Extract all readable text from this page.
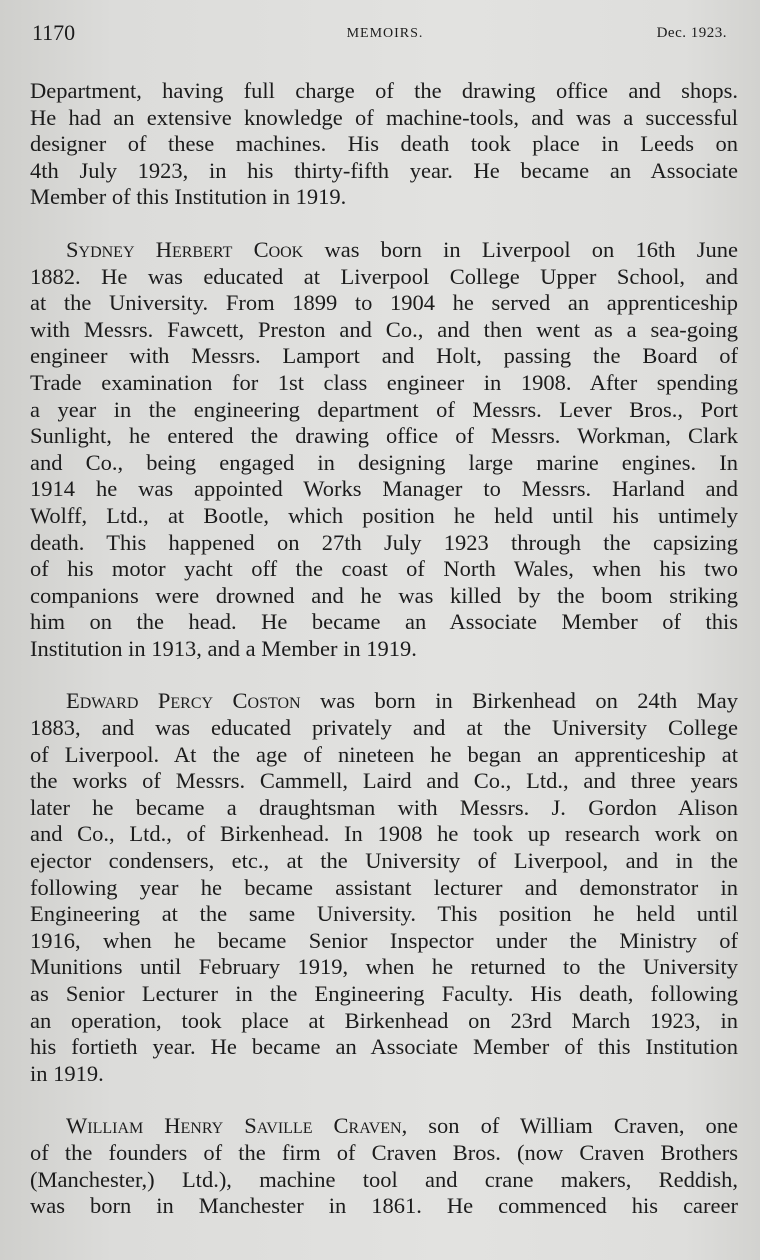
1170	MEMOIRS.	Dec. 1923.

Department, having full charge of the drawing office and shops.
He had an extensive knowledge of machine-tools, and was a successful
designer of these machines. His death took place in Leeds on
4th July 1923, in his thirty-fifth year. He became an Associate
Member of this Institution in 1919.

Sydney Herbert Cook was born in Liverpool on 16th June
1882. He was educated at Liverpool College Upper School, and
at the University. From 1899 to 1904 he served an apprenticeship
with Messrs. Fawcett, Preston and Co., and then went as a sea-going
engineer with Messrs. Lamport and Holt, passing the Board of
Trade examination for 1st class engineer in 1908. After spending
a year in the engineering department of Messrs. Lever Bros., Port
Sunlight, he entered the drawing office of Messrs. Workman, Clark
and Co., being engaged in designing large marine engines. In
1914 he was appointed Works Manager to Messrs. Harland and
Wolff, Ltd., at Bootle, which position he held until his untimely
death. This happened on 27th July 1923 through the capsizing
of his motor yacht off the coast of North Wales, when his two
companions were drowned and he was killed by the boom striking
him on the head. He became an Associate Member of this
Institution in 1913, and a Member in 1919.

Edward Percy Coston was born in Birkenhead on 24th May
1883, and was educated privately and at the University College
of Liverpool. At the age of nineteen he began an apprenticeship at
the works of Messrs. Cammell, Laird and Co., Ltd., and three years
later he became a draughtsman with Messrs. J. Gordon Alison
and Co., Ltd., of Birkenhead. In 1908 he took up research work on
ejector condensers, etc., at the University of Liverpool, and in the
following year he became assistant lecturer and demonstrator in
Engineering at the same University. This position he held until
1916, when he became Senior Inspector under the Ministry of
Munitions until February 1919, when he returned to the University
as Senior Lecturer in the Engineering Faculty. His death, following
an operation, took place at Birkenhead on 23rd March 1923, in
his fortieth year. He became an Associate Member of this Institution
in 1919.

William Henry Saville Craven, son of William Craven, one
of the founders of the firm of Craven Bros. (now Craven Brothers
(Manchester,) Ltd.), machine tool and crane makers, Reddish,
was born in Manchester in 1861. He commenced his career
